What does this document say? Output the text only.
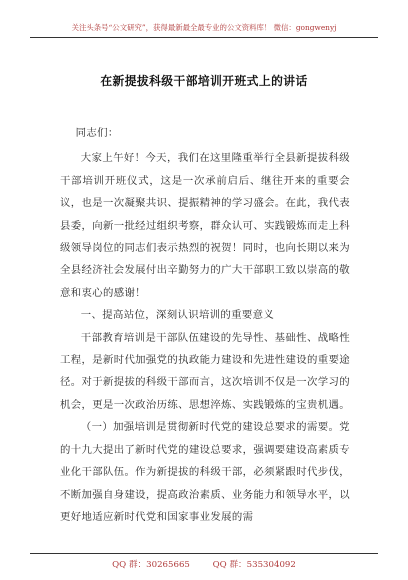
关注头条号“公文研究”，获得最新最全最专业的公文资料库！ 微信：gongwenyj
在新提拔科级干部培训开班式上的讲话

同志们：

大家上午好！今天，我们在这里隆重举行全县新提拔科级干部培训开班仪式，这是一次承前启后、继往开来的重要会议，也是一次凝聚共识、提振精神的学习盛会。在此，我代表县委，向新一批经过组织考察，群众认可、实践锻炼而走上科级领导岗位的同志们表示热烈的祝贺！同时，也向长期以来为全县经济社会发展付出辛勤努力的广大干部职工致以崇高的敬意和衷心的感谢！

一、提高站位，深刻认识培训的重要意义

干部教育培训是干部队伍建设的先导性、基础性、战略性工程，是新时代加强党的执政能力建设和先进性建设的重要途径。对于新提拔的科级干部而言，这次培训不仅是一次学习的机会，更是一次政治历练、思想淬炼、实践锻炼的宝贵机遇。

（一）加强培训是贯彻新时代党的建设总要求的需要。党的十九大提出了新时代党的建设总要求，强调要建设高素质专业化干部队伍。作为新提拔的科级干部，必须紧跟时代步伐，不断加强自身建设，提高政治素质、业务能力和领导水平，以更好地适应新时代党和国家事业发展的需

QQ 群：30265665	QQ 群：535304092
